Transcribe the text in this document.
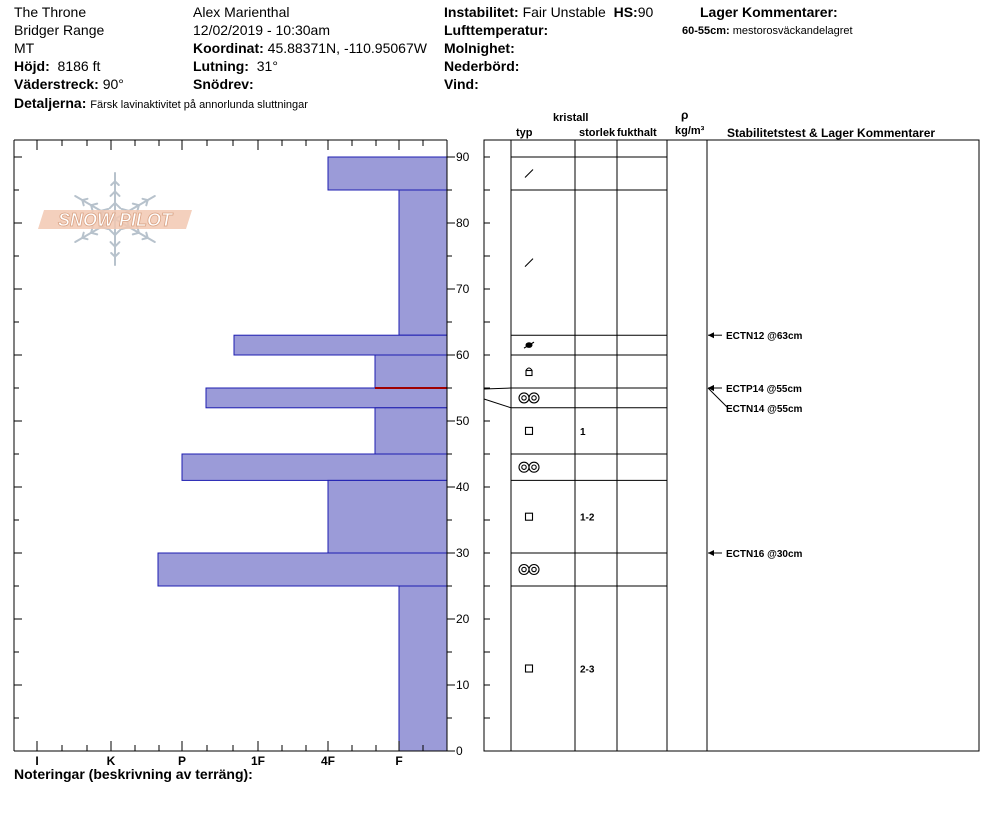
The Throne
Bridger Range
MT
Höjd: 8186 ft
Väderstreck: 90°
Detaljerna: Färsk lavinaktivitet på annorlunda sluttningar
Alex Marienthal
12/02/2019 - 10:30am
Koordinat: 45.88371N, -110.95067W
Lutning: 31°
Snödrev:
Instabilitet: Fair Unstable HS:90
Lufttemperatur:
Molnighet:
Nederbörd:
Vind:
Lager Kommentarer:
60-55cm: mestorosväckandelagret
kristall
typ	storlek fukthalt
ρ
kg/m³ Stabilitetstest & Lager Kommentarer
Noteringar (beskrivning av terräng):
SNOW PILOT
0
10
20
30
40
50
60
70
80
90
I	K	P	1F	4F	F
1
1-2
2-3
ECTN12 @63cm
ECTP14 @55cm
ECTN14 @55cm
ECTN16 @30cm
